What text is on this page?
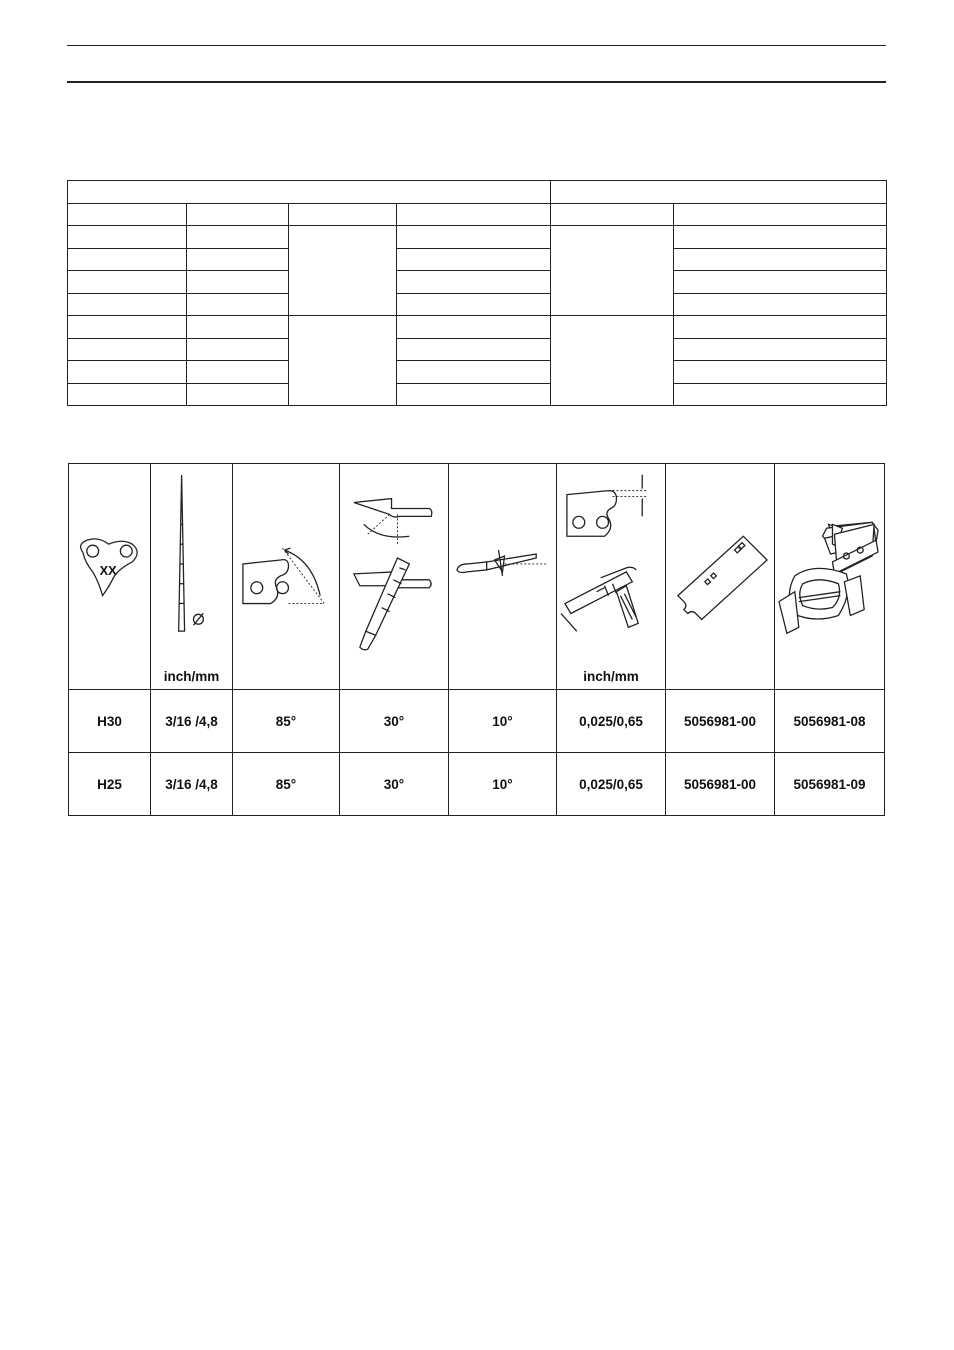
XX	inch/mm				inch/mm

H30	3/16 /4,8	85°	30°	10°	0,025/0,65	5056981-00	5056981-08
H25	3/16 /4,8	85°	30°	10°	0,025/0,65	5056981-00	5056981-09
